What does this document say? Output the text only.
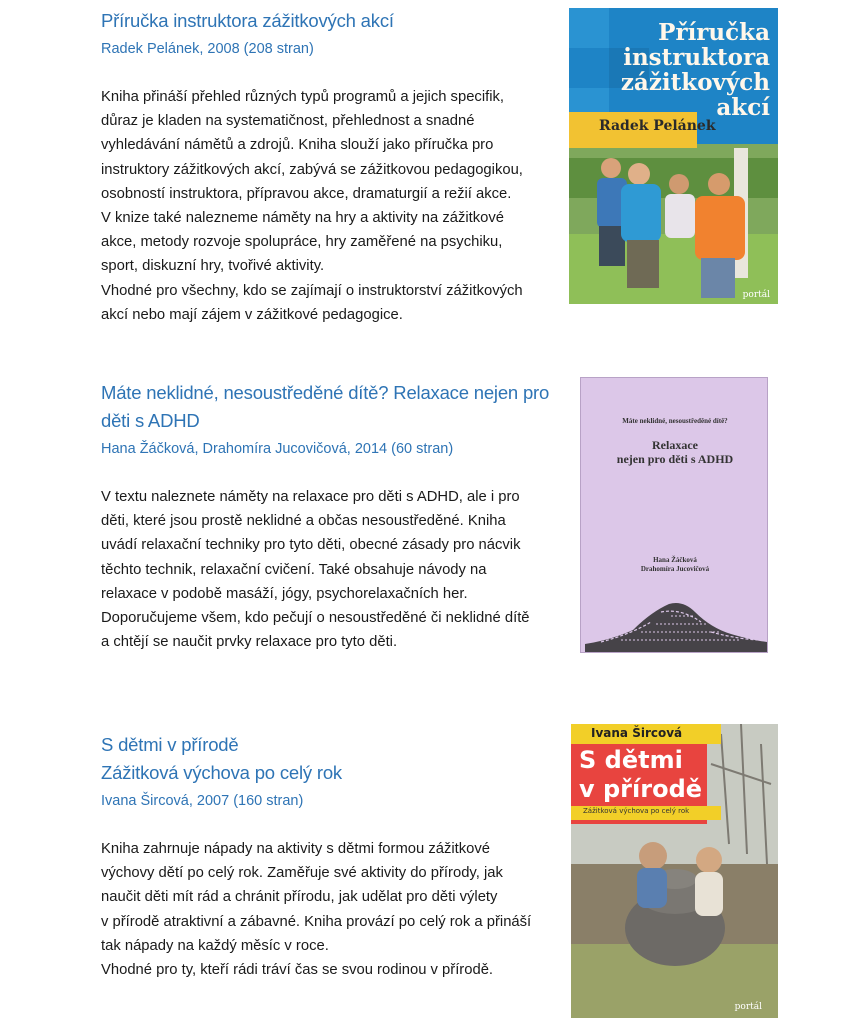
Příručka instruktora zážitkových akcí
Radek Pelánek, 2008 (208 stran)

Kniha přináší přehled různých typů programů a jejich specifik,

důraz je kladen na systematičnost, přehlednost a snadné

vyhledávání námětů a zdrojů. Kniha slouží jako příručka pro

instruktory zážitkových akcí, zabývá se zážitkovou pedagogikou,

osobností instruktora, přípravou akce, dramaturgií a režií akce.

V knize také nalezneme náměty na hry a aktivity na zážitkové

akce, metody rozvoje spolupráce, hry zaměřené na psychiku,

sport, diskuzní hry, tvořivé aktivity.

Vhodné pro všechny, kdo se zajímají o instruktorství zážitkových

akcí nebo mají zájem v zážitkové pedagogice.

Příručka
instruktora
zážitkových
akcí
Radek Pelánek
portál
Máte neklidné, nesoustředěné dítě? Relaxace nejen pro
děti s ADHD
Hana Žáčková, Drahomíra Jucovičová, 2014 (60 stran)

V textu naleznete náměty na relaxace pro děti s ADHD, ale i pro

děti, které jsou prostě neklidné a občas nesoustředěné. Kniha

uvádí relaxační techniky pro tyto děti, obecné zásady pro nácvik

těchto technik, relaxační cvičení. Také obsahuje návody na

relaxace v podobě masáží, jógy, psychorelaxačních her.

Doporučujeme všem, kdo pečují o nesoustředěné či neklidné dítě

a chtějí se naučit prvky relaxace pro tyto děti.

Máte neklidné, nesoustředěné dítě?
Relaxace
nejen pro děti s ADHD
Hana Žáčková
Drahomíra Jucovičová
S dětmi v přírodě
Zážitková výchova po celý rok
Ivana Šircová, 2007 (160 stran)

Kniha zahrnuje nápady na aktivity s dětmi formou zážitkové

výchovy dětí po celý rok. Zaměřuje své aktivity do přírody, jak

naučit děti mít rád a chránit přírodu, jak udělat pro děti výlety

v přírodě atraktivní a zábavné. Kniha provází po celý rok a přináší

tak nápady na každý měsíc v roce.

Vhodné pro ty, kteří rádi tráví čas se svou rodinou v přírodě.

Ivana Šircová
S dětmi
v přírodě
Zážitková výchova po celý rok
portál
